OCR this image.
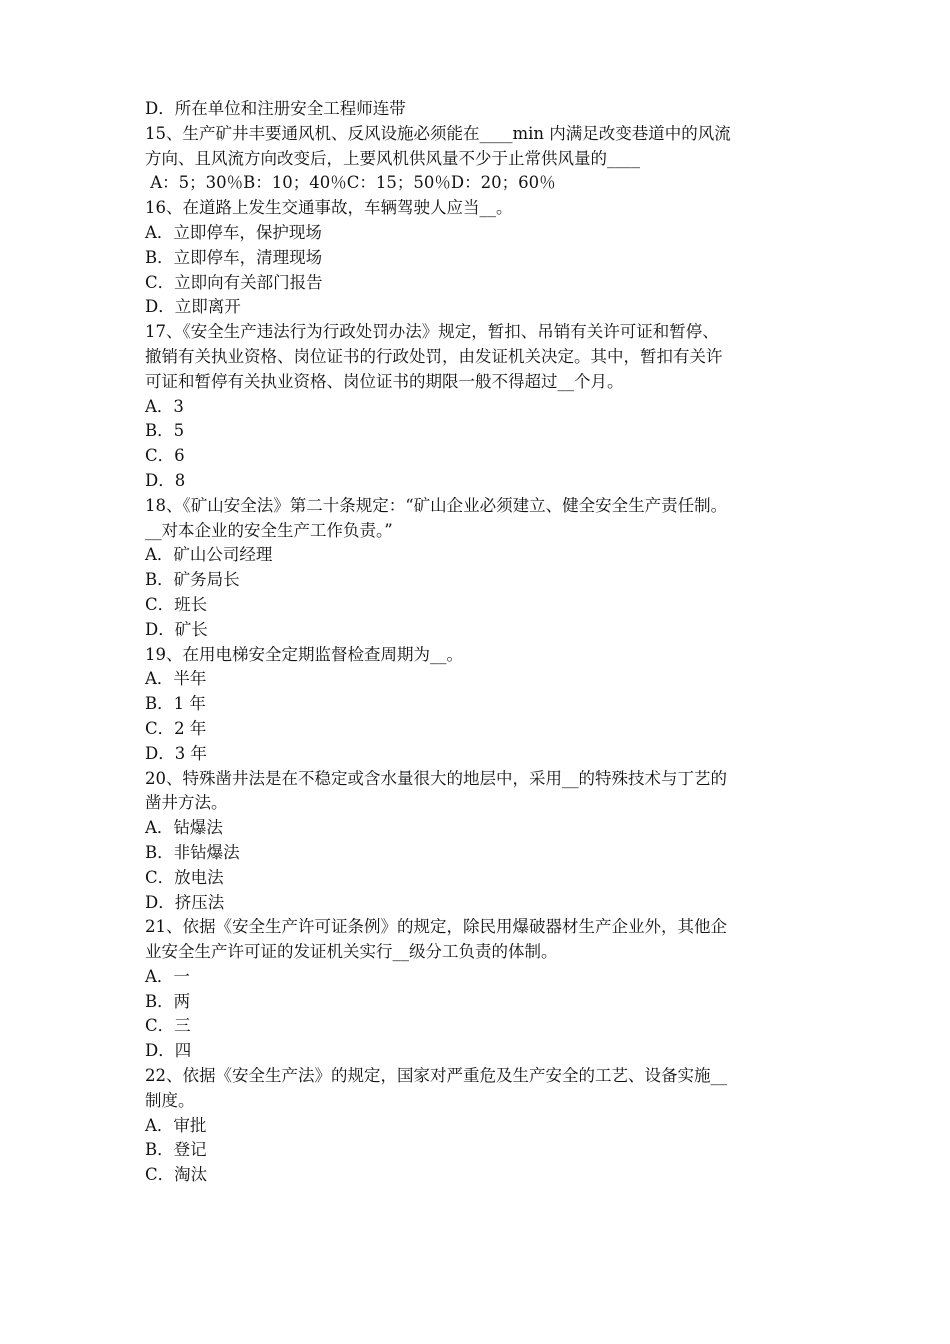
D．所在单位和注册安全工程师连带
15、生产矿井丰要通风机、反风设施必须能在____min 内满足改变巷道中的风流
方向、且风流方向改变后，上要风机供风量不少于止常供风量的____
A：5；30％B：10；40％C：15；50％D：20；60％
16、在道路上发生交通事故，车辆驾驶人应当__。
A．立即停车，保护现场
B．立即停车，清理现场
C．立即向有关部门报告
D．立即离开
17、《安全生产违法行为行政处罚办法》规定，暂扣、吊销有关许可证和暂停、
撤销有关执业资格、岗位证书的行政处罚，由发证机关决定。其中，暂扣有关许
可证和暂停有关执业资格、岗位证书的期限一般不得超过__个月。
A．3
B．5
C．6
D．8
18、《矿山安全法》第二十条规定：“矿山企业必须建立、健全安全生产责任制。
__对本企业的安全生产工作负责。”
A．矿山公司经理
B．矿务局长
C．班长
D．矿长
19、在用电梯安全定期监督检查周期为__。
A．半年
B．1 年
C．2 年
D．3 年
20、特殊凿井法是在不稳定或含水量很大的地层中，采用__的特殊技术与丁艺的
凿井方法。
A．钻爆法
B．非钻爆法
C．放电法
D．挤压法
21、依据《安全生产许可证条例》的规定，除民用爆破器材生产企业外，其他企
业安全生产许可证的发证机关实行__级分工负责的体制。
A．一
B．两
C．三
D．四
22、依据《安全生产法》的规定，国家对严重危及生产安全的工艺、设备实施__
制度。
A．审批
B．登记
C．淘汰
